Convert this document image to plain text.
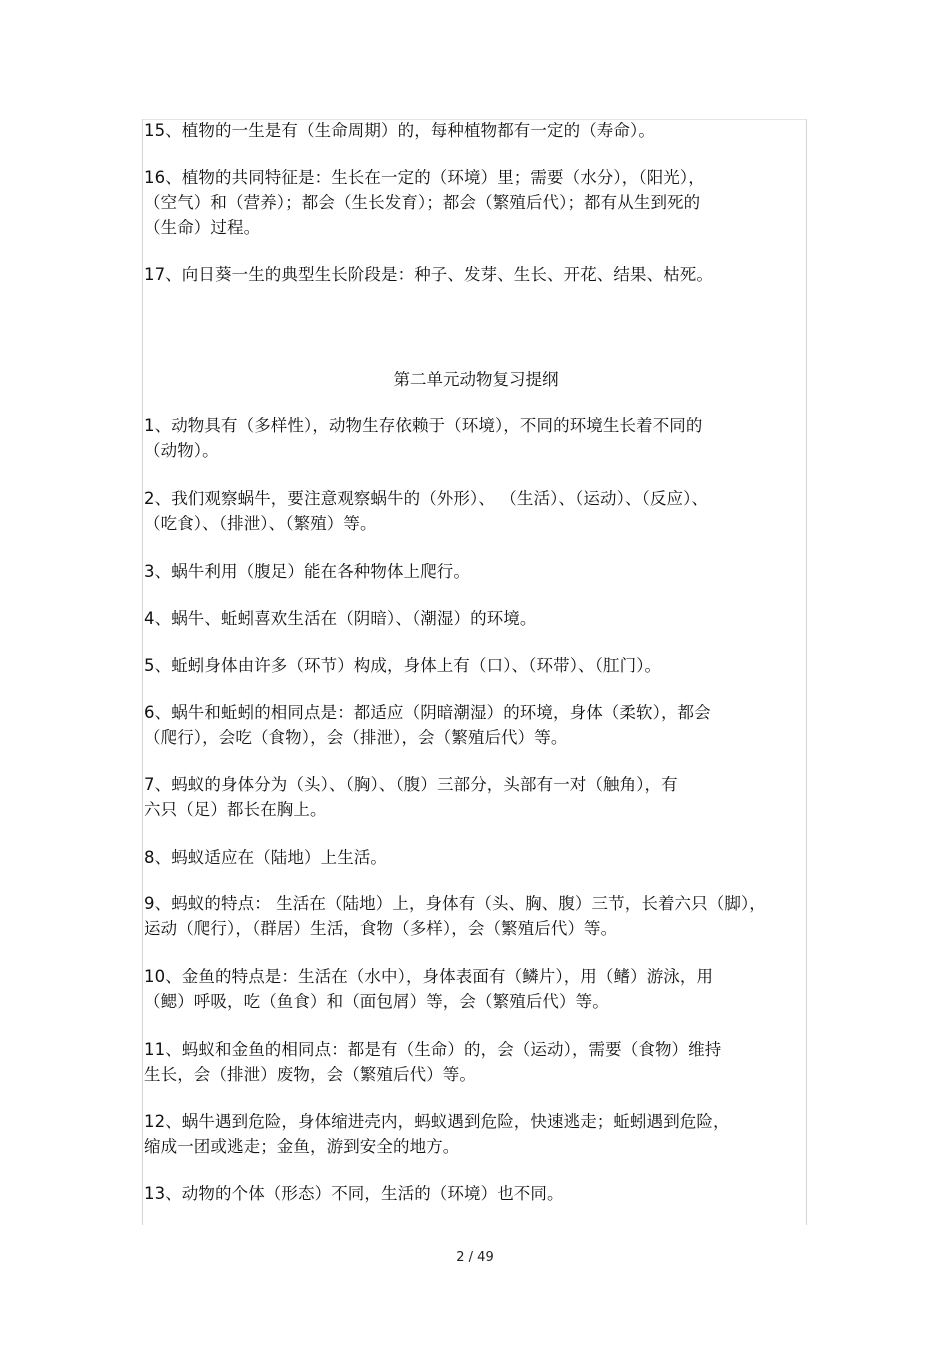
15、植物的一生是有（生命周期）的，每种植物都有一定的（寿命）。
16、植物的共同特征是：生长在一定的（环境）里；需要（水分），（阳光），
（空气）和（营养）；都会（生长发育）；都会（繁殖后代）；都有从生到死的
（生命）过程。
17、向日葵一生的典型生长阶段是：种子、发芽、生长、开花、结果、枯死。
第二单元动物复习提纲
1、动物具有（多样性），动物生存依赖于（环境），不同的环境生长着不同的
（动物）。
2、我们观察蜗牛，要注意观察蜗牛的（外形）、 （生活）、（运动）、（反应）、
（吃食）、（排泄）、（繁殖）等。
3、蜗牛利用（腹足）能在各种物体上爬行。
4、蜗牛、蚯蚓喜欢生活在（阴暗）、（潮湿）的环境。
5、蚯蚓身体由许多（环节）构成，身体上有（口）、（环带）、（肛门）。
6、蜗牛和蚯蚓的相同点是：都适应（阴暗潮湿）的环境，身体（柔软），都会
（爬行），会吃（食物），会（排泄），会（繁殖后代）等。
7、蚂蚁的身体分为（头）、（胸）、（腹）三部分，头部有一对（触角），有
六只（足）都长在胸上。
8、蚂蚁适应在（陆地）上生活。
9、蚂蚁的特点： 生活在（陆地）上，身体有（头、胸、腹）三节，长着六只（脚），
运动（爬行），（群居）生活，食物（多样），会（繁殖后代）等。
10、金鱼的特点是：生活在（水中），身体表面有（鳞片），用（鳍）游泳，用
（鳃）呼吸，吃（鱼食）和（面包屑）等，会（繁殖后代）等。
11、蚂蚁和金鱼的相同点：都是有（生命）的，会（运动），需要（食物）维持
生长，会（排泄）废物，会（繁殖后代）等。
12、蜗牛遇到危险，身体缩进壳内，蚂蚁遇到危险，快速逃走；蚯蚓遇到危险，
缩成一团或逃走；金鱼，游到安全的地方。
13、动物的个体（形态）不同，生活的（环境）也不同。
2 / 49
